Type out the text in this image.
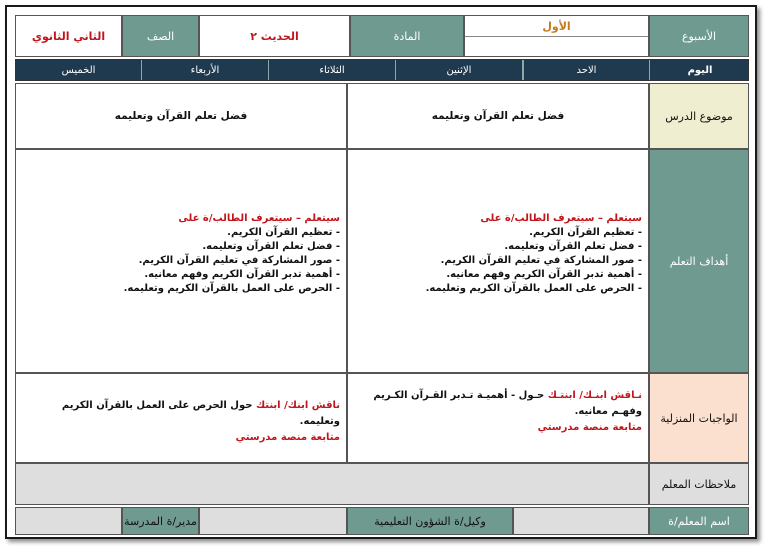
الأسبوع
الأول
المادة
الحديث ٢
الصف
الثاني الثانوي
اليوم
الاحد
الإثنين
الثلاثاء
الأربعاء
الخميس
موضوع الدرس
فضل تعلم القرآن وتعليمه
فضل تعلم القرآن وتعليمه
أهداف التعلم
سيتعلم – سيتعرف الطالب/ة على
- تعظيم القرآن الكريم.
- فضل تعلم القرآن وتعليمه.
- صور المشاركة في تعليم القرآن الكريم.
- أهمية تدبر القرآن الكريم وفهم معانيه.
- الحرص على العمل بالقرآن الكريم وتعليمه.
سيتعلم – سيتعرف الطالب/ة على
- تعظيم القرآن الكريم.
- فضل تعلم القرآن وتعليمه.
- صور المشاركة في تعليم القرآن الكريم.
- أهمية تدبر القرآن الكريم وفهم معانيه.
- الحرص على العمل بالقرآن الكريم وتعليمه.
الواجبات المنزلية
نـاقش ابنـك/ ابنتـك حـول - أهميـة تـدبر القـرآن الكـريم وفهـم معانيه.
متابعة منصة مدرستي
ناقش ابنك/ ابنتك حول الحرص على العمل بالقرآن الكريم وتعليمه.
متابعة منصة مدرستي
ملاحظات المعلم
اسم المعلم/ة
وكيل/ة الشؤون التعليمية
مدير/ة المدرسة
